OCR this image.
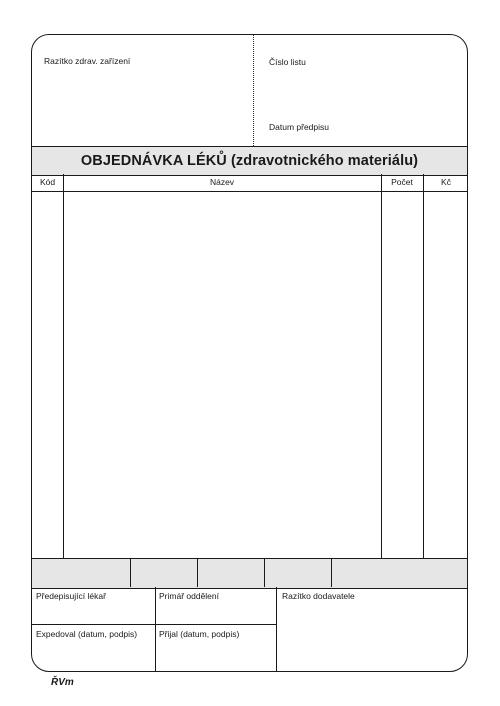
Razítko zdrav. zařízení	Číslo listu
Datum předpisu
OBJEDNÁVKA LÉKŮ (zdravotnického materiálu)
Kód	Název	Počet	Kč
Předepisující lékař	Primář oddělení	Razítko dodavatele
Expedoval (datum, podpis)	Přijal (datum, podpis)
ŘVm
